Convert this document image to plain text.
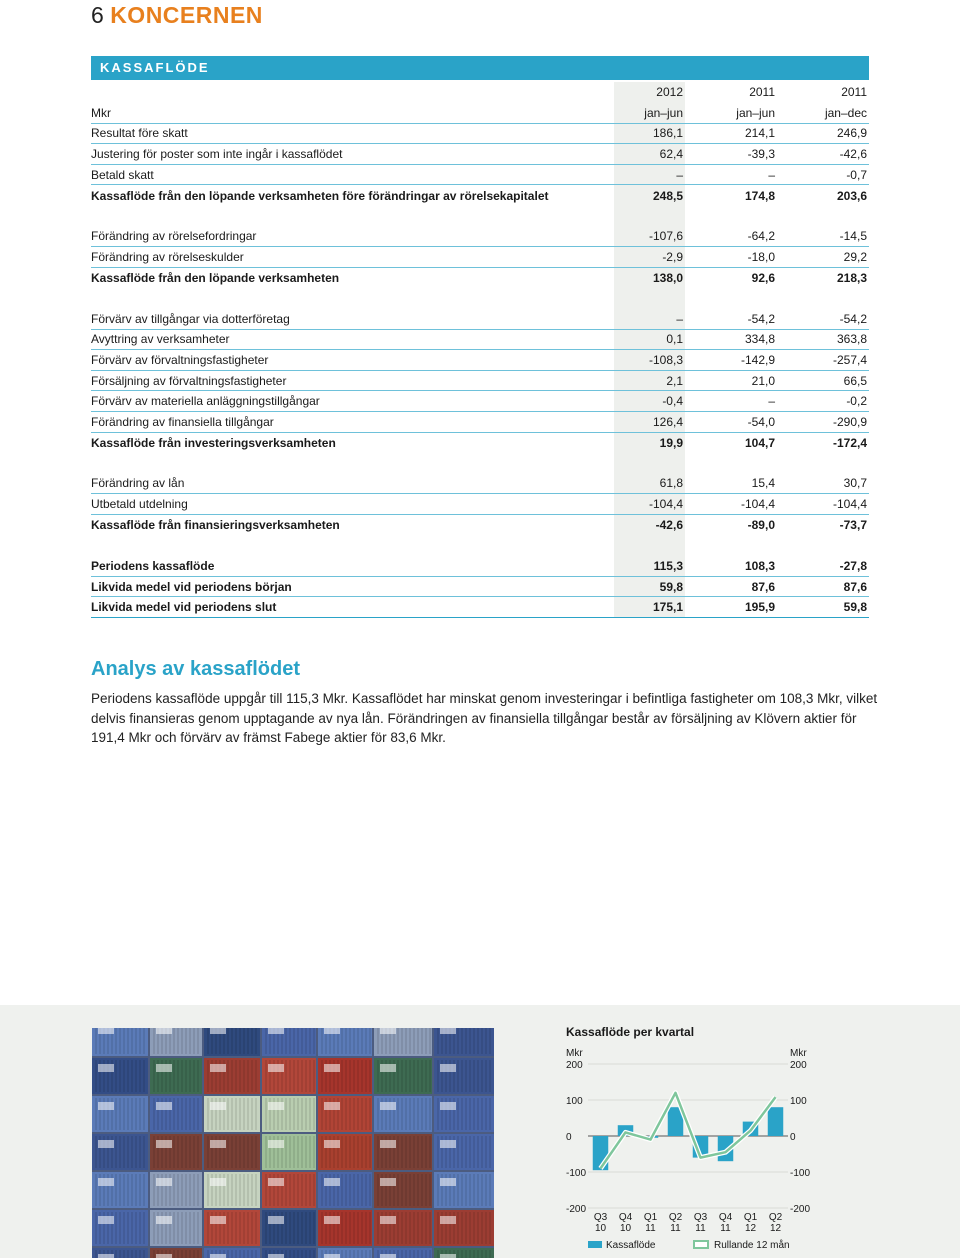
6 KONCERNEN
KASSAFLÖDE
	2012	2011	2011
Mkr	jan–jun	jan–jun	jan–dec
Resultat före skatt	186,1	214,1	246,9
Justering för poster som inte ingår i kassaflödet	62,4	-39,3	-42,6
Betald skatt	–	–	-0,7
Kassaflöde från den löpande verksamheten före förändringar av rörelsekapitalet	248,5	174,8	203,6

Förändring av rörelsefordringar	-107,6	-64,2	-14,5
Förändring av rörelseskulder	-2,9	-18,0	29,2
Kassaflöde från den löpande verksamheten	138,0	92,6	218,3

Förvärv av tillgångar via dotterföretag	–	-54,2	-54,2
Avyttring av verksamheter	0,1	334,8	363,8
Förvärv av förvaltningsfastigheter	-108,3	-142,9	-257,4
Försäljning av förvaltningsfastigheter	2,1	21,0	66,5
Förvärv av materiella anläggningstillgångar	-0,4	–	-0,2
Förändring av finansiella tillgångar	126,4	-54,0	-290,9
Kassaflöde från investeringsverksamheten	19,9	104,7	-172,4

Förändring av lån	61,8	15,4	30,7
Utbetald utdelning	-104,4	-104,4	-104,4
Kassaflöde från finansieringsverksamheten	-42,6	-89,0	-73,7

Periodens kassaflöde	115,3	108,3	-27,8
Likvida medel vid periodens början	59,8	87,6	87,6
Likvida medel vid periodens slut	175,1	195,9	59,8
Analys av kassaflödet
Periodens kassaflöde uppgår till 115,3 Mkr. Kassaflödet har minskat genom investeringar i befintliga fastigheter om 108,3 Mkr, vilket delvis finansieras genom upptagande av nya lån. Förändringen av finansiella tillgångar består av försäljning av Klövern aktier för 191,4 Mkr och förvärv av främst Fabege aktier för 83,6 Mkr.
Kassaflöde per kvartal
Mkr	Mkr
200	200
100	100
0	0
-100	-100
-200	-200
Q3
10
Q4
10
Q1
11
Q2
11
Q3
11
Q4
11
Q1
12
Q2
12
Kassaflöde	Rullande 12 mån
